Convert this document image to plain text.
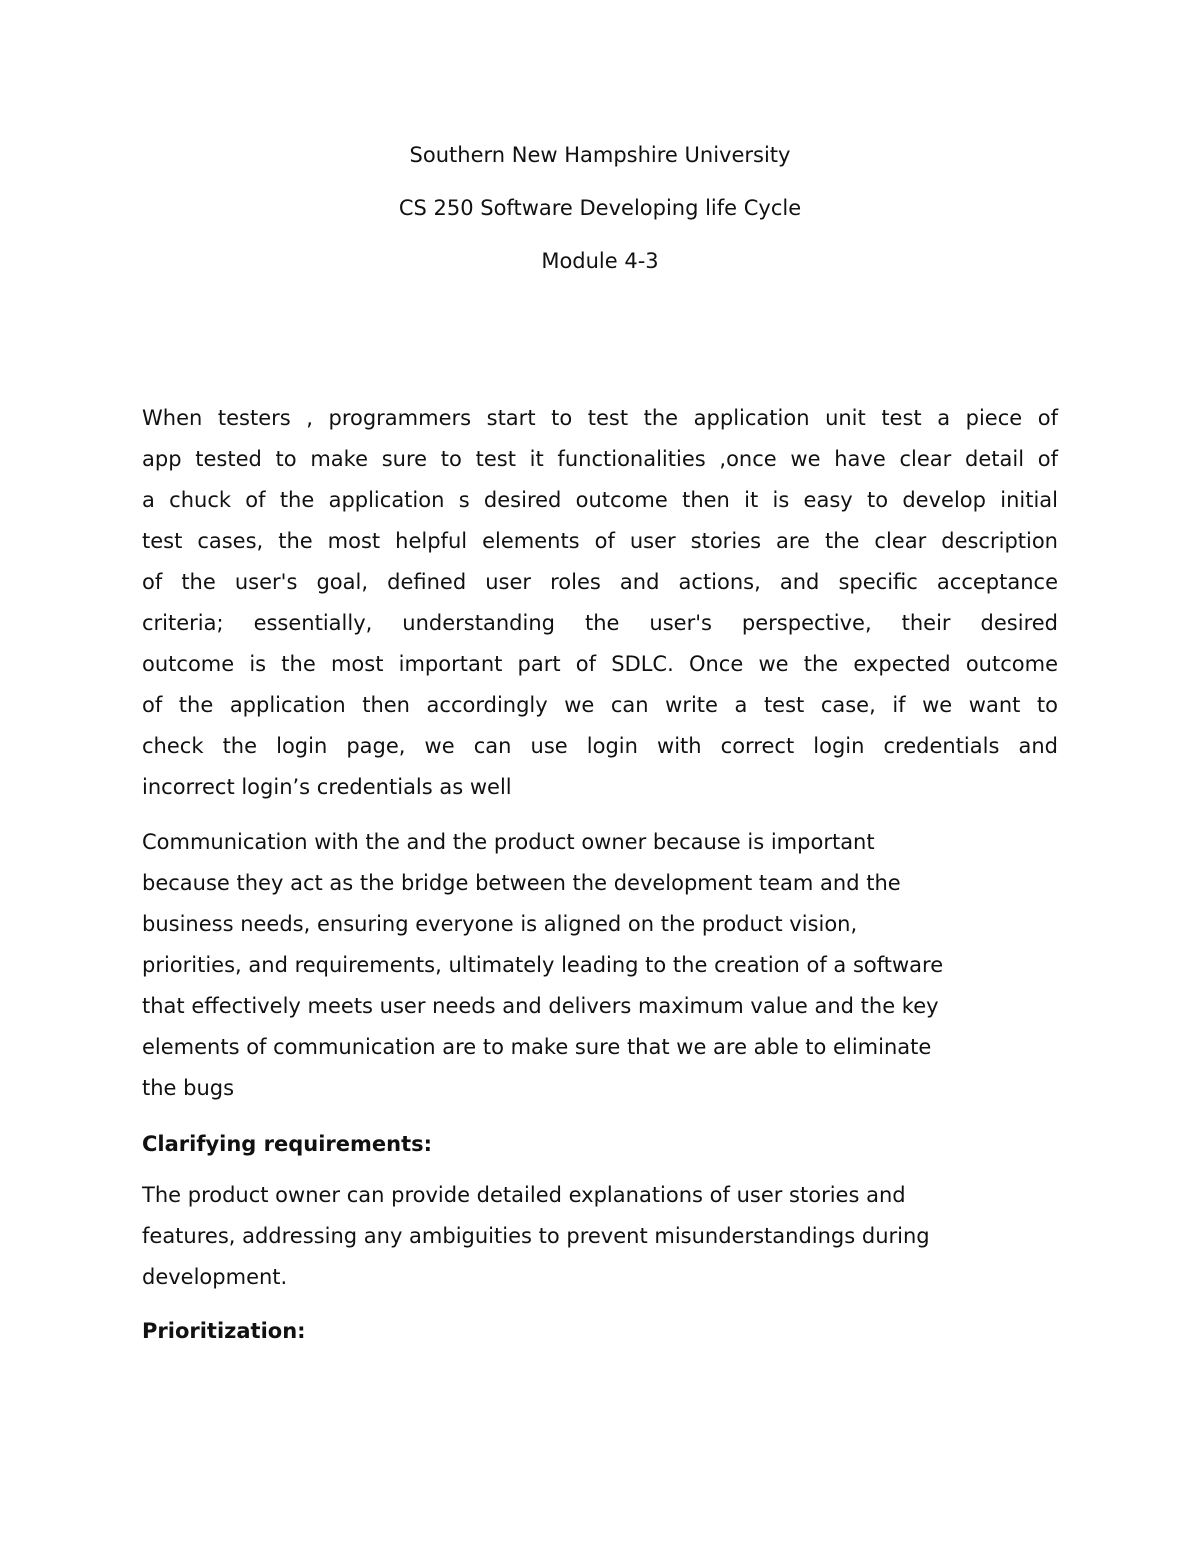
Southern New Hampshire University

CS 250 Software Developing life Cycle

Module 4-3

When testers , programmers start to test the application unit test a piece of
app tested to make sure to test it functionalities ,once we have clear detail of
a chuck of the application s desired outcome then it is easy to develop initial
test cases, the most helpful elements of user stories are the clear description
of the user's goal, defined user roles and actions, and specific acceptance
criteria; essentially, understanding the user's perspective, their desired
outcome is the most important part of SDLC. Once we the expected outcome
of the application then accordingly we can write a test case, if we want to
check the login page, we can use login with correct login credentials and
incorrect login’s credentials as well

Communication with the and the product owner because is important
because they act as the bridge between the development team and the
business needs, ensuring everyone is aligned on the product vision,
priorities, and requirements, ultimately leading to the creation of a software
that effectively meets user needs and delivers maximum value and the key
elements of communication are to make sure that we are able to eliminate
the bugs

Clarifying requirements:

The product owner can provide detailed explanations of user stories and
features, addressing any ambiguities to prevent misunderstandings during
development.

Prioritization:
